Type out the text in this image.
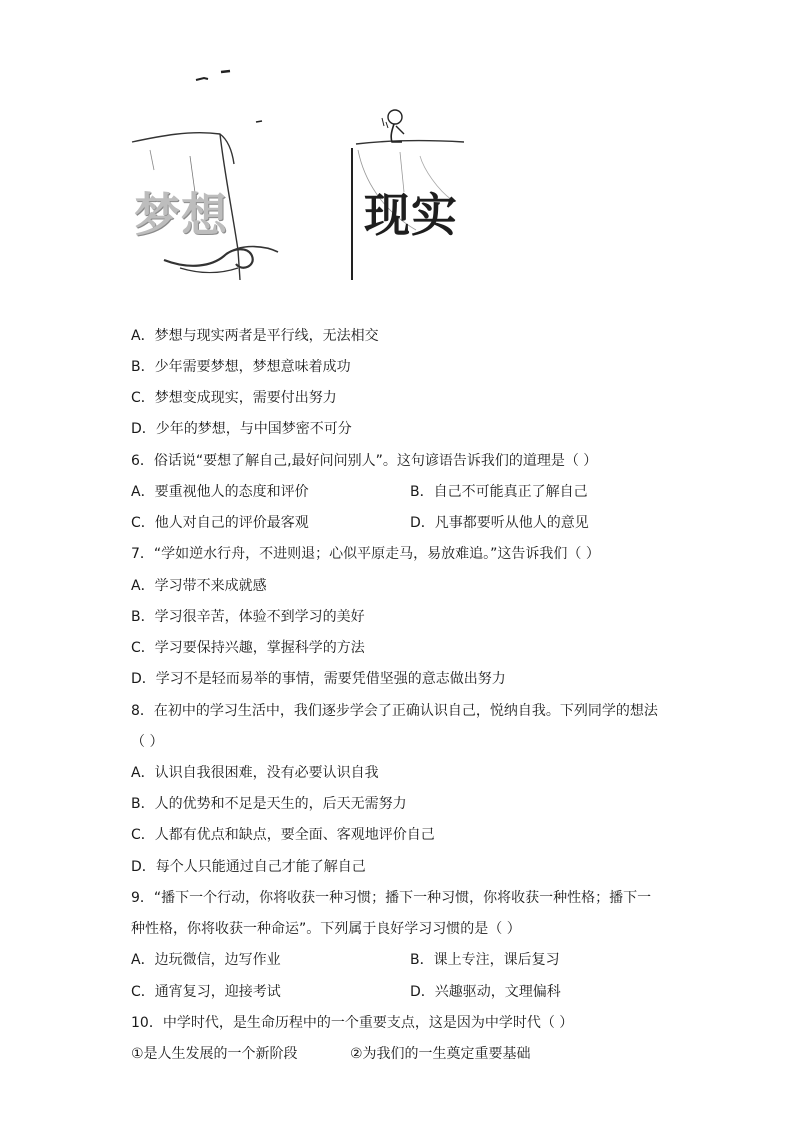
梦想	现实
A．梦想与现实两者是平行线，无法相交
B．少年需要梦想，梦想意味着成功
C．梦想变成现实，需要付出努力
D．少年的梦想，与中国梦密不可分
6．俗话说“要想了解自己,最好问问别人”。这句谚语告诉我们的道理是（ ）
A．要重视他人的态度和评价	B．自己不可能真正了解自己
C．他人对自己的评价最客观	D．凡事都要听从他人的意见
7．“学如逆水行舟，不进则退；心似平原走马，易放难追。”这告诉我们（ ）
A．学习带不来成就感
B．学习很辛苦，体验不到学习的美好
C．学习要保持兴趣，掌握科学的方法
D．学习不是轻而易举的事情，需要凭借坚强的意志做出努力
8．在初中的学习生活中，我们逐步学会了正确认识自己，悦纳自我。下列同学的想法
（ ）
A．认识自我很困难，没有必要认识自我
B．人的优势和不足是天生的，后天无需努力
C．人都有优点和缺点，要全面、客观地评价自己
D．每个人只能通过自己才能了解自己
9．“播下一个行动，你将收获一种习惯；播下一种习惯，你将收获一种性格；播下一
种性格，你将收获一种命运”。下列属于良好学习习惯的是（ ）
A．边玩微信，边写作业	B．课上专注，课后复习
C．通宵复习，迎接考试	D．兴趣驱动，文理偏科
10．中学时代，是生命历程中的一个重要支点，这是因为中学时代（ ）
①是人生发展的一个新阶段	②为我们的一生奠定重要基础
